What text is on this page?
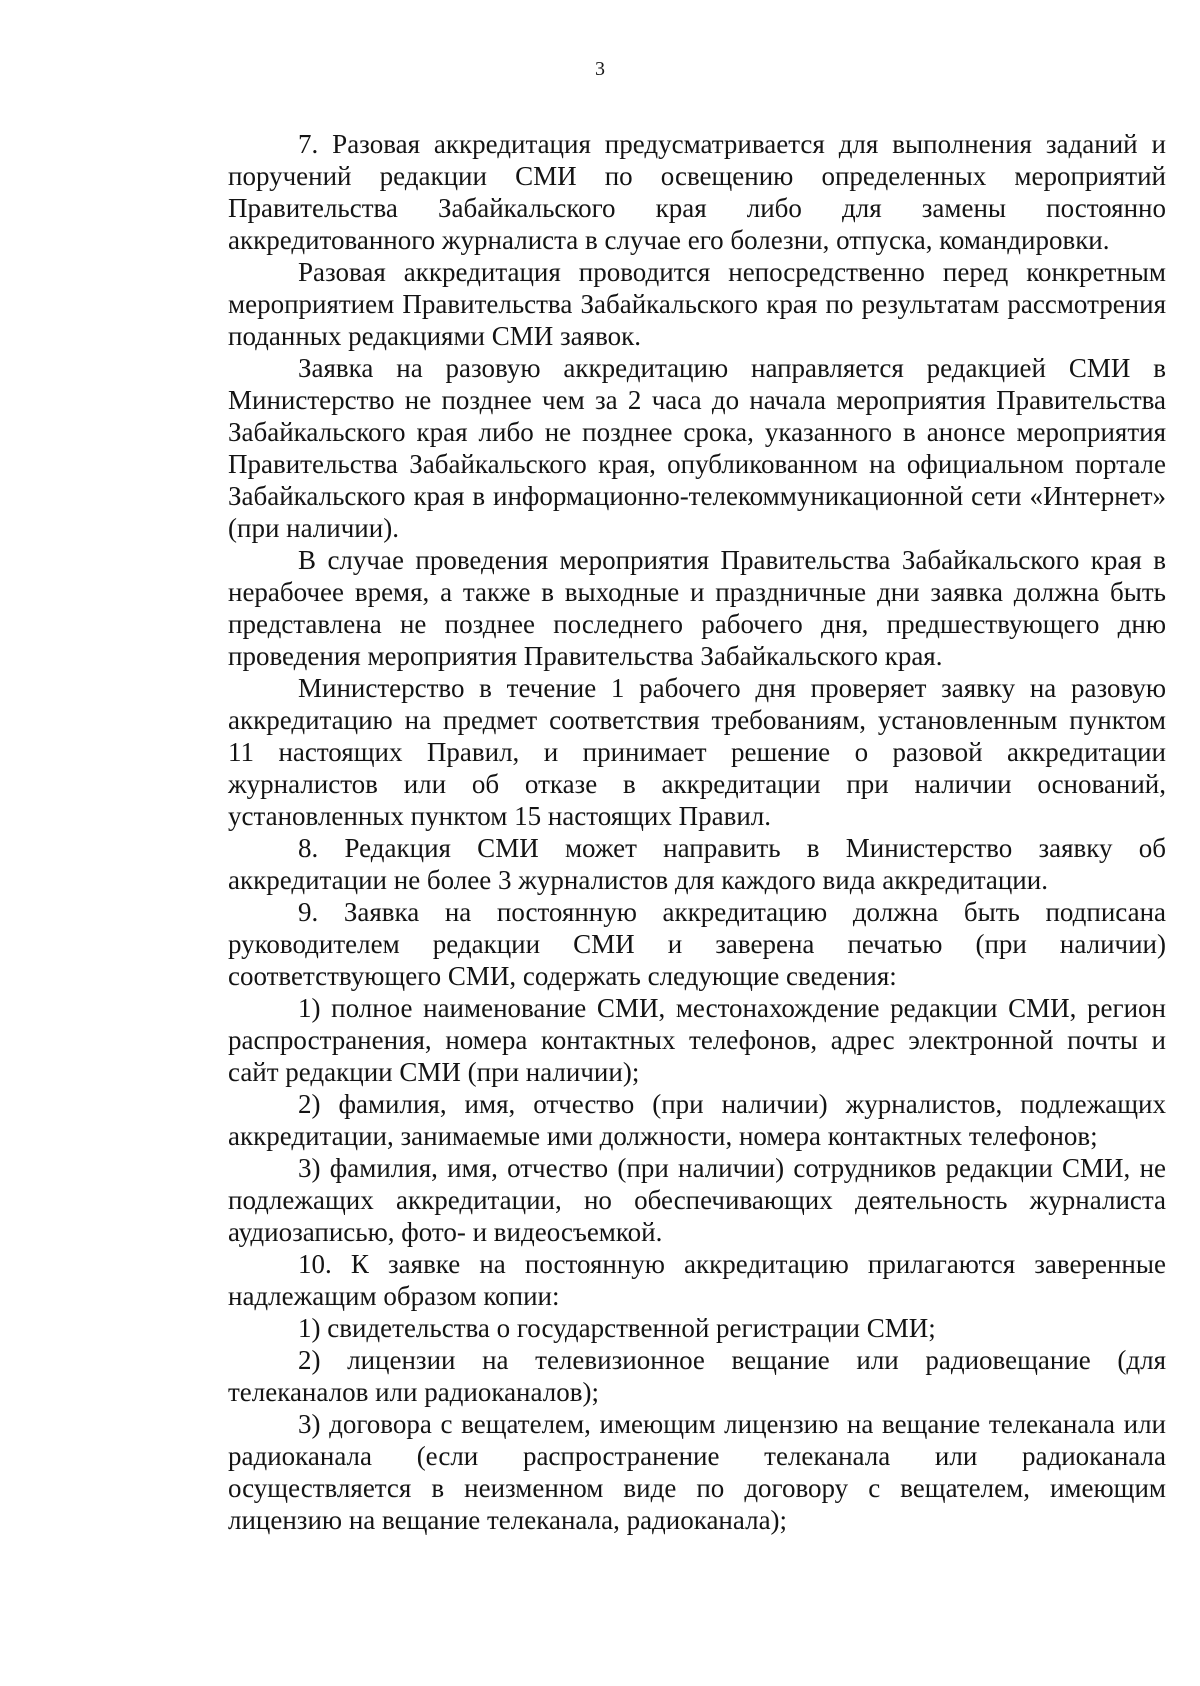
3

7. Разовая аккредитация предусматривается для выполнения заданий и поручений редакции СМИ по освещению определенных мероприятий Правительства Забайкальского края либо для замены постоянно аккредитованного журналиста в случае его болезни, отпуска, командировки.

Разовая аккредитация проводится непосредственно перед конкретным мероприятием Правительства Забайкальского края по результатам рассмотрения поданных редакциями СМИ заявок.

Заявка на разовую аккредитацию направляется редакцией СМИ в Министерство не позднее чем за 2 часа до начала мероприятия Правительства Забайкальского края либо не позднее срока, указанного в анонсе мероприятия Правительства Забайкальского края, опубликованном на официальном портале Забайкальского края в информационно-телекоммуникационной сети «Интернет» (при наличии).

В случае проведения мероприятия Правительства Забайкальского края в нерабочее время, а также в выходные и праздничные дни заявка должна быть представлена не позднее последнего рабочего дня, предшествующего дню проведения мероприятия Правительства Забайкальского края.

Министерство в течение 1 рабочего дня проверяет заявку на разовую аккредитацию на предмет соответствия требованиям, установленным пунктом 11 настоящих Правил, и принимает решение о разовой аккредитации журналистов или об отказе в аккредитации при наличии оснований, установленных пунктом 15 настоящих Правил.

8. Редакция СМИ может направить в Министерство заявку об аккредитации не более 3 журналистов для каждого вида аккредитации.

9. Заявка на постоянную аккредитацию должна быть подписана руководителем редакции СМИ и заверена печатью (при наличии) соответствующего СМИ, содержать следующие сведения:

1) полное наименование СМИ, местонахождение редакции СМИ, регион распространения, номера контактных телефонов, адрес электронной почты и сайт редакции СМИ (при наличии);

2) фамилия, имя, отчество (при наличии) журналистов, подлежащих аккредитации, занимаемые ими должности, номера контактных телефонов;

3) фамилия, имя, отчество (при наличии) сотрудников редакции СМИ, не подлежащих аккредитации, но обеспечивающих деятельность журналиста аудиозаписью, фото- и видеосъемкой.

10. К заявке на постоянную аккредитацию прилагаются заверенные надлежащим образом копии:

1) свидетельства о государственной регистрации СМИ;

2) лицензии на телевизионное вещание или радиовещание (для телеканалов или радиоканалов);

3) договора с вещателем, имеющим лицензию на вещание телеканала или радиоканала (если распространение телеканала или радиоканала осуществляется в неизменном виде по договору с вещателем, имеющим лицензию на вещание телеканала, радиоканала);
